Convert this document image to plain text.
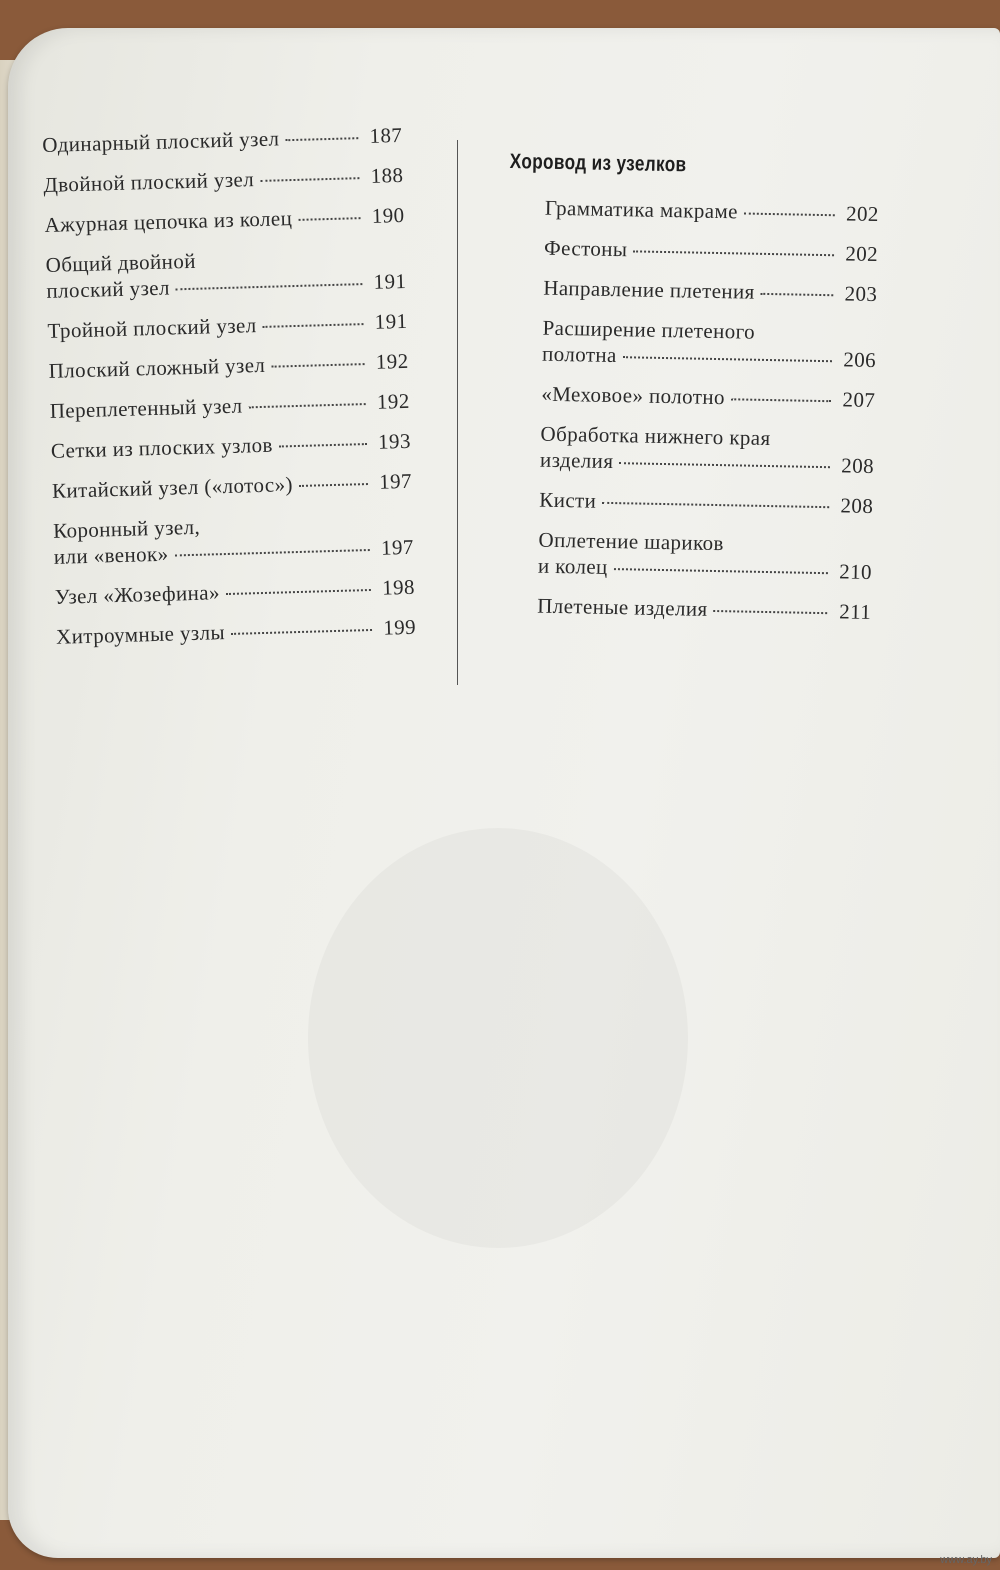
Одинарный плоский узел	187
Двойной плоский узел	188
Ажурная цепочка из колец	190
Общий двойной
плоский узел	191
Тройной плоский узел	191
Плоский сложный узел	192
Переплетенный узел	192
Сетки из плоских узлов	193
Китайский узел («лотос»)	197
Коронный узел,
или «венок»	197
Узел «Жозефина»	198
Хитроумные узлы	199
Хоровод из узелков
Грамматика макраме	202
Фестоны	202
Направление плетения	203
Расширение плетеного
полотна	206
«Меховое» полотно	207
Обработка нижнего края
изделия	208
Кисти	208
Оплетение шариков
и колец	210
Плетеные изделия	211
www.ay.by
